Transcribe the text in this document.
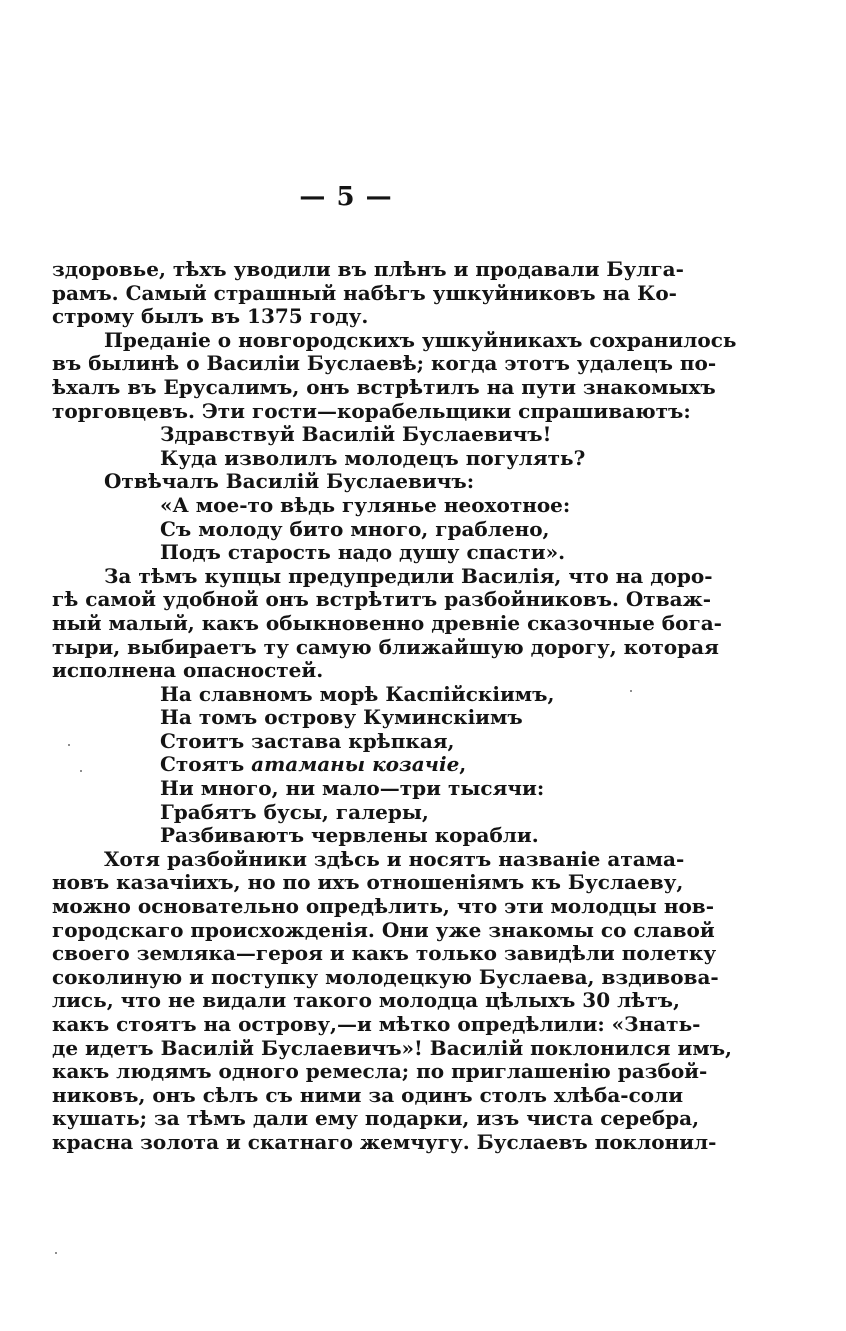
— 5 —
здоровье, тѣхъ уводили въ плѣнъ и продавали Булга-
рамъ. Самый страшный набѣгъ ушкуйниковъ на Ко-
строму былъ въ 1375 году.
Преданіе о новгородскихъ ушкуйникахъ сохранилось
въ былинѣ о Василіи Буслаевѣ; когда этотъ удалецъ по-
ѣхалъ въ Ерусалимъ, онъ встрѣтилъ на пути знакомыхъ
торговцевъ. Эти гости—корабельщики спрашиваютъ:
Здравствуй Василій Буслаевичъ!
Куда изволилъ молодецъ погулять?
Отвѣчалъ Василій Буслаевичъ:
«А мое-то вѣдь гулянье неохотное:
Съ молоду бито много, граблено,
Подъ старость надо душу спасти».
За тѣмъ купцы предупредили Василія, что на доро-
гѣ самой удобной онъ встрѣтитъ разбойниковъ. Отваж-
ный малый, какъ обыкновенно древніе сказочные бога-
тыри, выбираетъ ту самую ближайшую дорогу, которая
исполнена опасностей.
На славномъ морѣ Каспійскіимъ,
На томъ острову Куминскіимъ
Стоитъ застава крѣпкая,
Стоятъ атаманы козачіе,
Ни много, ни мало—три тысячи:
Грабятъ бусы, галеры,
Разбиваютъ червлены корабли.
Хотя разбойники здѣсь и носятъ названіе атама-
новъ казачіихъ, но по ихъ отношеніямъ къ Буслаеву,
можно основательно опредѣлить, что эти молодцы нов-
городскаго происхожденія. Они уже знакомы со славой
своего земляка—героя и какъ только завидѣли полетку
соколиную и поступку молодецкую Буслаева, вздивова-
лись, что не видали такого молодца цѣлыхъ 30 лѣтъ,
какъ стоятъ на острову,—и мѣтко опредѣлили: «Знать-
де идетъ Василій Буслаевичъ»! Василій поклонился имъ,
какъ людямъ одного ремесла; по приглашенію разбой-
никовъ, онъ сѣлъ съ ними за одинъ столъ хлѣба-соли
кушать; за тѣмъ дали ему подарки, изъ чиста серебра,
красна золота и скатнаго жемчугу. Буслаевъ поклонил-
